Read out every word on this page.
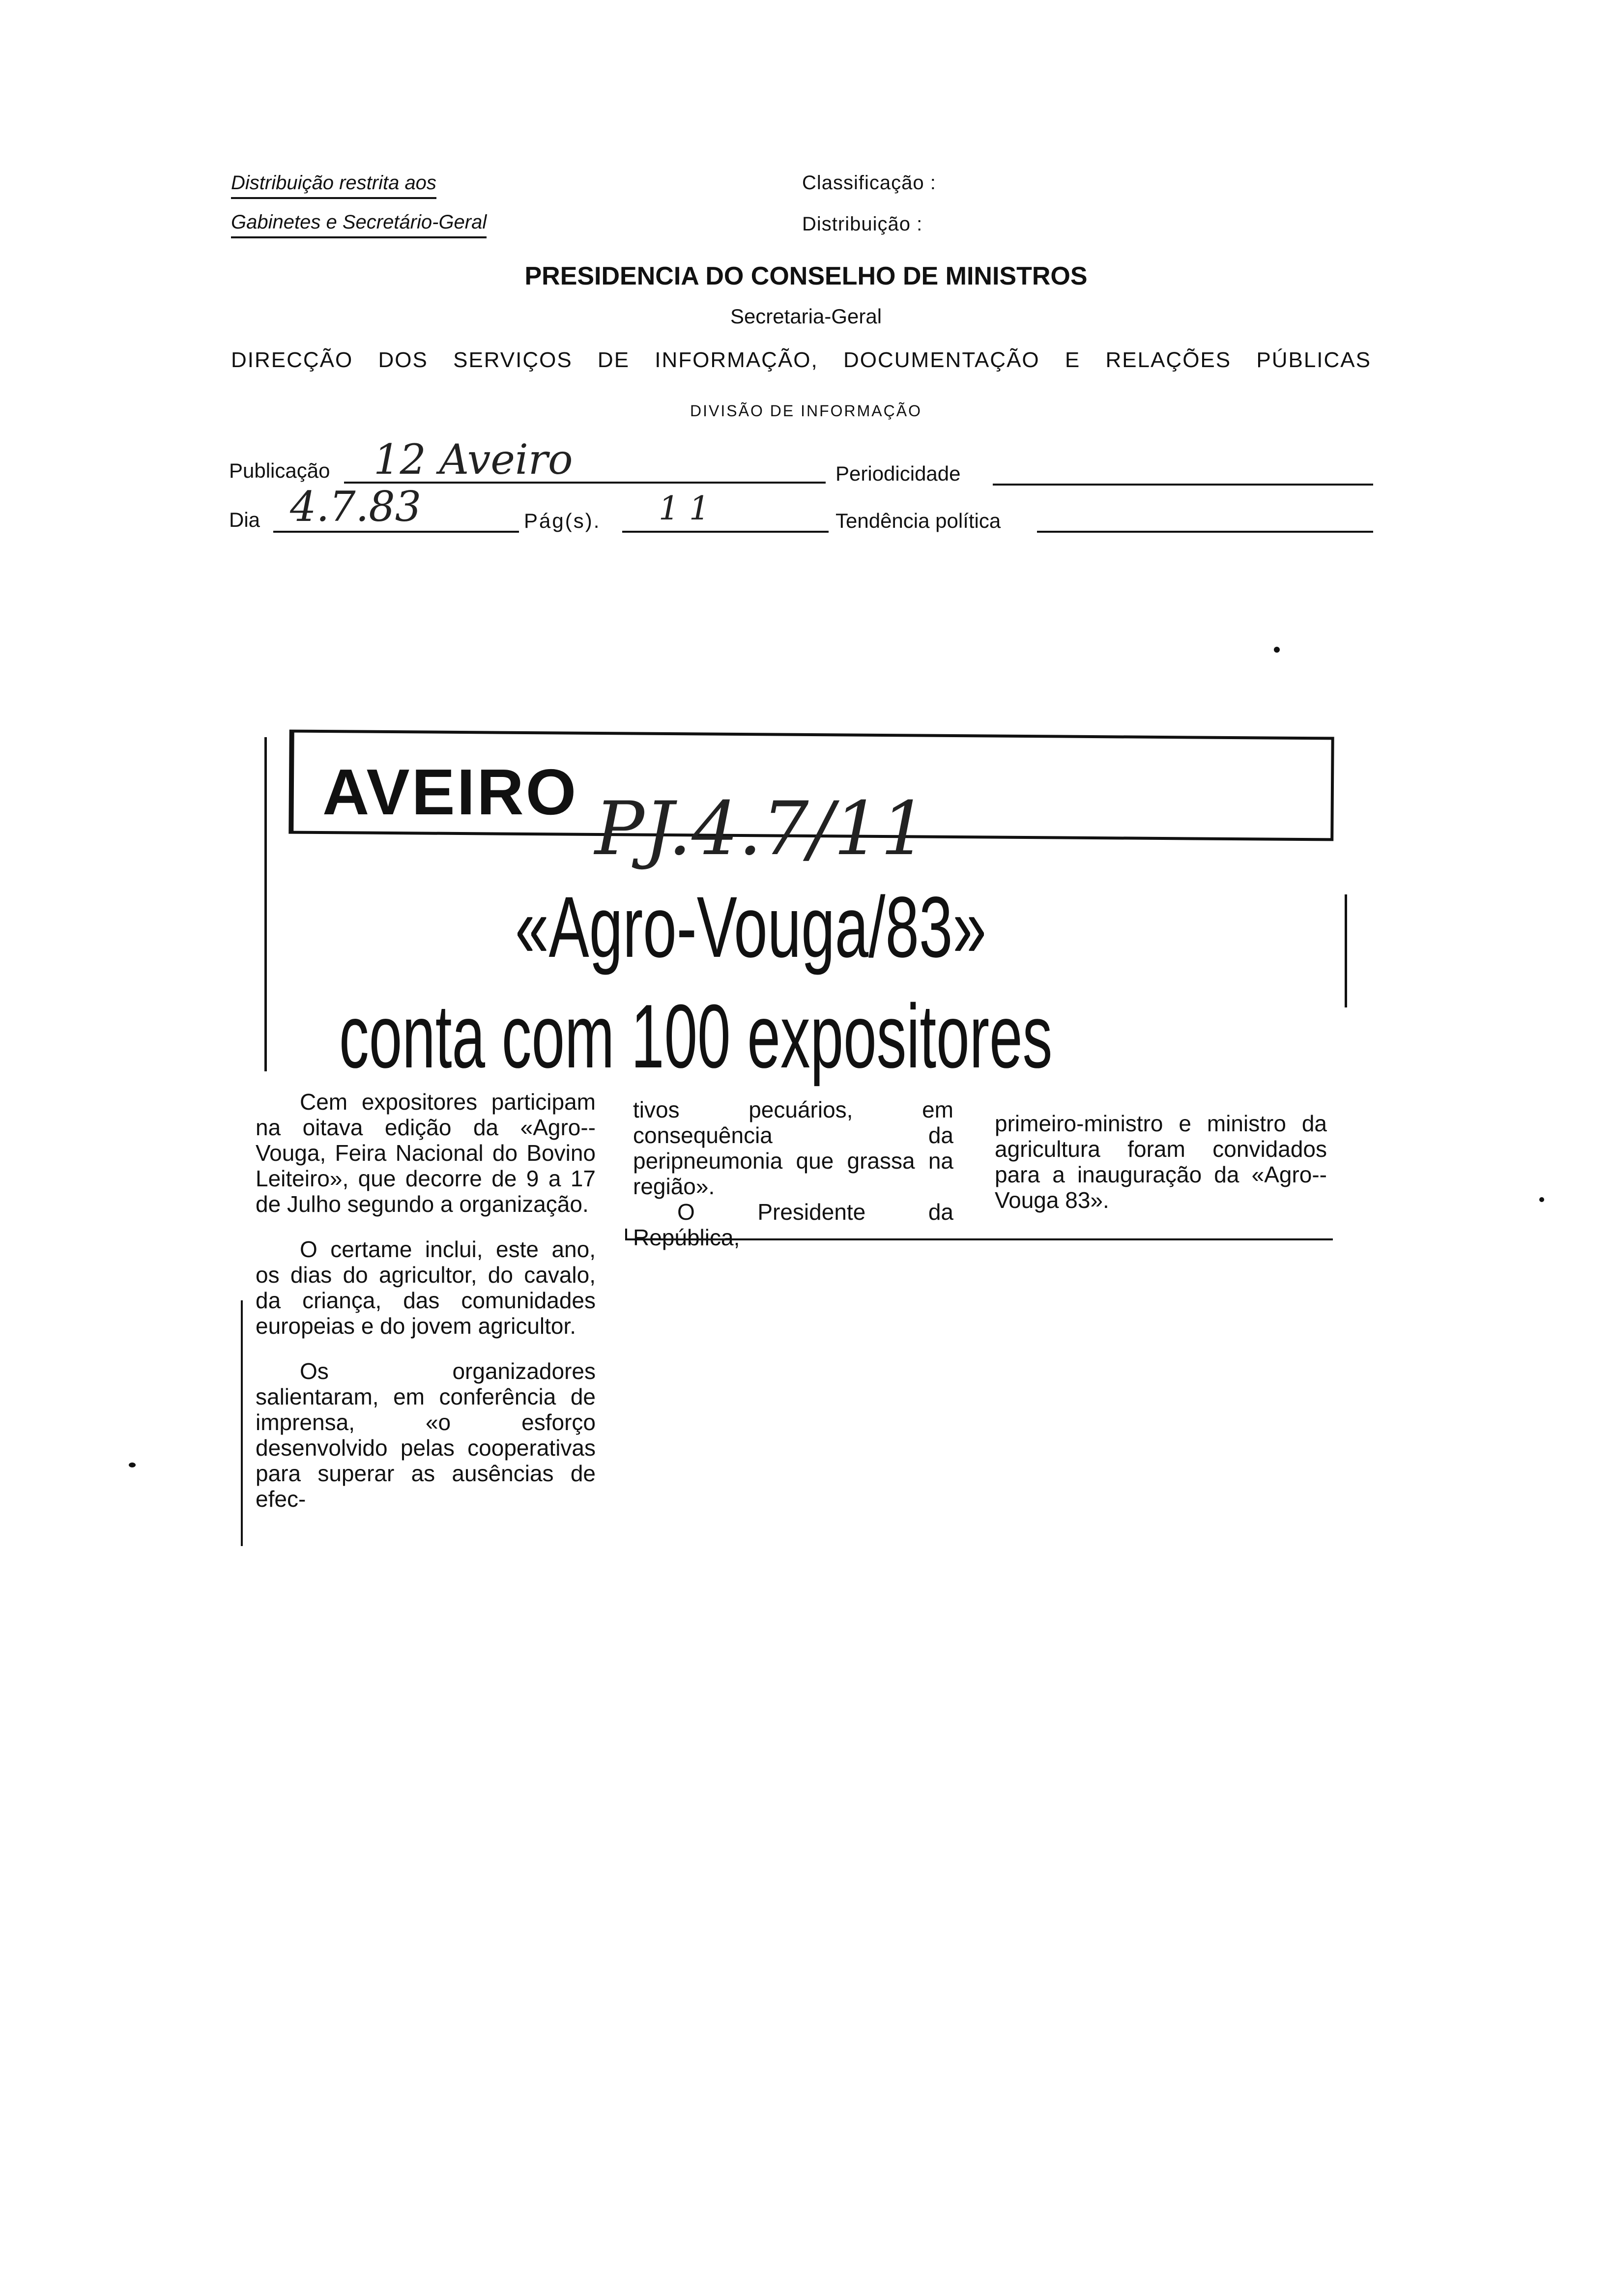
Distribuição restrita aos
Gabinetes e Secretário-Geral
Classificação :
Distribuição :
PRESIDENCIA DO CONSELHO DE MINISTROS
Secretaria-Geral
DIRECÇÃO DOS SERVIÇOS DE INFORMAÇÃO, DOCUMENTAÇÃO E RELAÇÕES PÚBLICAS
DIVISÃO DE INFORMAÇÃO
Publicação 12 Aveiro	Periodicidade
Dia 4.7.83	Pág(s). 11	Tendência política
AVEIRO PJ.4.7/11
«Agro-Vouga/83»
conta com 100 expositores

Cem expositores participam na oitava edição da «Agro--Vouga, Feira Nacional do Bovino Leiteiro», que decorre de 9 a 17 de Julho segundo a organização.

O certame inclui, este ano, os dias do agricultor, do cavalo, da criança, das comunidades europeias e do jovem agricultor.

Os organizadores salientaram, em conferência de imprensa, «o esforço desenvolvido pelas cooperativas para superar as ausências de efec-

tivos pecuários, em consequência da peripneumonia que grassa na região».

O Presidente da República,

primeiro-ministro e ministro da agricultura foram convidados para a inauguração da «Agro--Vouga 83».
